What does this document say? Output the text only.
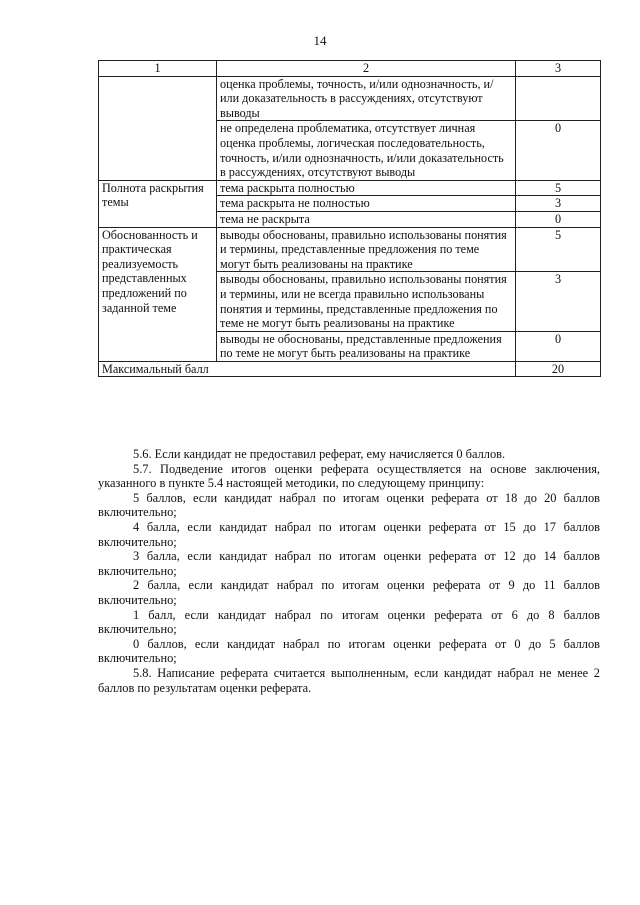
14
1	2	3
	оценка проблемы, точность, и/или однозначность, и/или доказательность в рассуждениях, отсутствуют выводы	
	не определена проблематика, отсутствует личная оценка проблемы, логическая последовательность, точность, и/или однозначность, и/или доказательность в рассуждениях, отсутствуют выводы	0
Полнота раскрытия темы	тема раскрыта полностью	5
	тема раскрыта не полностью	3
	тема не раскрыта	0
Обоснованность и практическая реализуемость представленных предложений по заданной теме	выводы обоснованы, правильно использованы понятия и термины, представленные предложения по теме могут быть реализованы на практике	5
	выводы обоснованы, правильно использованы понятия и термины, или не всегда правильно использованы понятия и термины, представленные предложения по теме не могут быть реализованы на практике	3
	выводы не обоснованы, представленные предложения по теме не могут быть реализованы на практике	0
Максимальный балл		20

5.6. Если кандидат не предоставил реферат, ему начисляется 0 баллов.

5.7. Подведение итогов оценки реферата осуществляется на основе заключения, указанного в пункте 5.4 настоящей методики, по следующему принципу:

5 баллов, если кандидат набрал по итогам оценки реферата от 18 до 20 баллов включительно;

4 балла, если кандидат набрал по итогам оценки реферата от 15 до 17 баллов включительно;

3 балла, если кандидат набрал по итогам оценки реферата от 12 до 14 баллов включительно;

2 балла, если кандидат набрал по итогам оценки реферата от 9 до 11 баллов включительно;

1 балл, если кандидат набрал по итогам оценки реферата от 6 до 8 баллов включительно;

0 баллов, если кандидат набрал по итогам оценки реферата от 0 до 5 баллов включительно;

5.8. Написание реферата считается выполненным, если кандидат набрал не менее 2 баллов по результатам оценки реферата.
